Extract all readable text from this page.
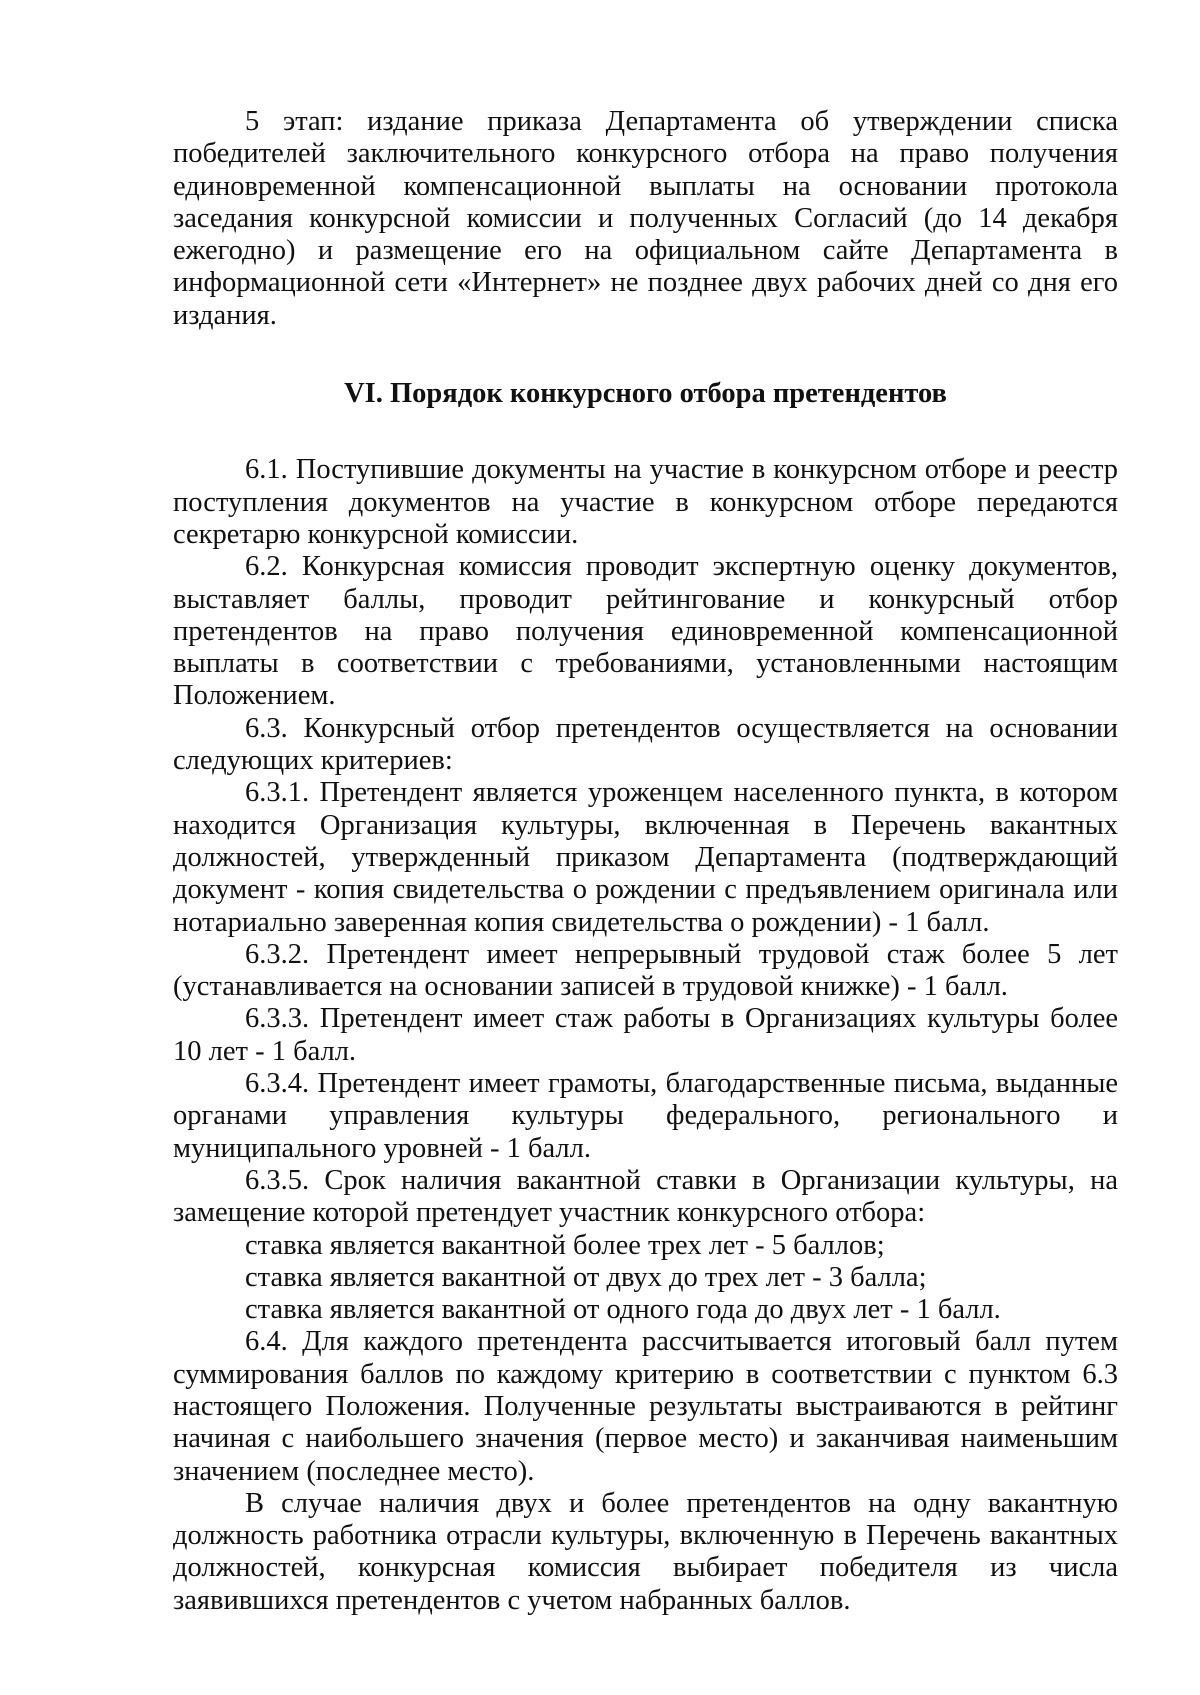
5 этап: издание приказа Департамента об утверждении списка победителей заключительного конкурсного отбора на право получения единовременной компенсационной выплаты на основании протокола заседания конкурсной комиссии и полученных Согласий (до 14 декабря ежегодно) и размещение его на официальном сайте Департамента в информационной сети «Интернет» не позднее двух рабочих дней со дня его издания.

VI. Порядок конкурсного отбора претендентов

6.1. Поступившие документы на участие в конкурсном отборе и реестр поступления документов на участие в конкурсном отборе передаются секретарю конкурсной комиссии.

6.2. Конкурсная комиссия проводит экспертную оценку документов, выставляет баллы, проводит рейтингование и конкурсный отбор претендентов на право получения единовременной компенсационной выплаты в соответствии с требованиями, установленными настоящим Положением.

6.3. Конкурсный отбор претендентов осуществляется на основании следующих критериев:

6.3.1. Претендент является уроженцем населенного пункта, в котором находится Организация культуры, включенная в Перечень вакантных должностей, утвержденный приказом Департамента (подтверждающий документ - копия свидетельства о рождении с предъявлением оригинала или нотариально заверенная копия свидетельства о рождении) - 1 балл.

6.3.2. Претендент имеет непрерывный трудовой стаж более 5 лет (устанавливается на основании записей в трудовой книжке) - 1 балл.

6.3.3. Претендент имеет стаж работы в Организациях культуры более 10 лет - 1 балл.

6.3.4. Претендент имеет грамоты, благодарственные письма, выданные органами управления культуры федерального, регионального и муниципального уровней - 1 балл.

6.3.5. Срок наличия вакантной ставки в Организации культуры, на замещение которой претендует участник конкурсного отбора:

ставка является вакантной более трех лет - 5 баллов;

ставка является вакантной от двух до трех лет - 3 балла;

ставка является вакантной от одного года до двух лет - 1 балл.

6.4. Для каждого претендента рассчитывается итоговый балл путем суммирования баллов по каждому критерию в соответствии с пунктом 6.3 настоящего Положения. Полученные результаты выстраиваются в рейтинг начиная с наибольшего значения (первое место) и заканчивая наименьшим значением (последнее место).

В случае наличия двух и более претендентов на одну вакантную должность работника отрасли культуры, включенную в Перечень вакантных должностей, конкурсная комиссия выбирает победителя из числа заявившихся претендентов с учетом набранных баллов.
